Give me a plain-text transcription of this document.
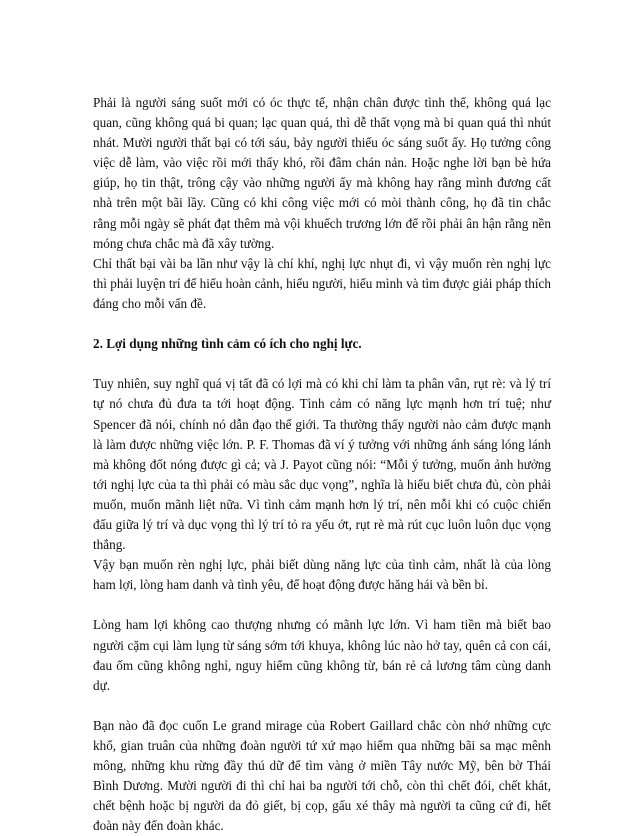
Phải là người sáng suốt mới có óc thực tế, nhận chân được tình thế, không quá lạc quan, cũng không quá bi quan; lạc quan quá, thì dễ thất vọng mà bi quan quá thì nhút nhát. Mười người thất bại có tới sáu, bảy người thiếu óc sáng suốt ấy. Họ tưởng công việc dễ làm, vào việc rồi mới thấy khó, rồi đâm chán nản. Hoặc nghe lời bạn bè hứa giúp, họ tin thật, trông cậy vào những người ấy mà không hay rằng mình đương cất nhà trên một bãi lầy. Cũng có khi công việc mới có mòi thành công, họ đã tin chắc rằng mỗi ngày sẽ phát đạt thêm mà vội khuếch trương lớn để rồi phải ân hận rằng nền móng chưa chắc mà đã xây tường.

Chỉ thất bại vài ba lần như vậy là chí khí, nghị lực nhụt đi, vì vậy muốn rèn nghị lực thì phải luyện trí để hiểu hoàn cảnh, hiểu người, hiểu mình và tìm được giải pháp thích đáng cho mỗi vấn đề.

2. Lợi dụng những tình cảm có ích cho nghị lực.

Tuy nhiên, suy nghĩ quá vị tất đã có lợi mà có khi chỉ làm ta phân vân, rụt rè: và lý trí tự nó chưa đủ đưa ta tới hoạt động. Tình cảm có năng lực mạnh hơn trí tuệ; như Spencer đã nói, chính nó dẫn đạo thế giới. Ta thường thấy người nào cảm được mạnh là làm được những việc lớn. P. F. Thomas đã ví ý tưởng với những ánh sáng lóng lánh mà không đốt nóng được gì cả; và J. Payot cũng nói: “Mỗi ý tưởng, muốn ảnh hưởng tới nghị lực của ta thì phải có màu sắc dục vọng”, nghĩa là hiểu biết chưa đủ, còn phải muốn, muốn mãnh liệt nữa. Vì tình cảm mạnh hơn lý trí, nên mỗi khi có cuộc chiến đấu giữa lý trí và dục vọng thì lý trí tỏ ra yếu ớt, rụt rè mà rút cục luôn luôn dục vọng thắng.

Vậy bạn muốn rèn nghị lực, phải biết dùng năng lực của tình cảm, nhất là của lòng ham lợi, lòng ham danh và tình yêu, để hoạt động được hăng hái và bền bỉ.

Lòng ham lợi không cao thượng nhưng có mãnh lực lớn. Vì ham tiền mà biết bao người cặm cụi làm lụng từ sáng sớm tới khuya, không lúc nào hở tay, quên cả con cái, đau ốm cũng không nghỉ, nguy hiểm cũng không từ, bán rẻ cả lương tâm cùng danh dự.

Bạn nào đã đọc cuốn Le grand mirage của Robert Gaillard chắc còn nhớ những cực khổ, gian truân của những đoàn người tứ xứ mạo hiểm qua những bãi sa mạc mênh mông, những khu rừng đầy thú dữ để tìm vàng ở miền Tây nước Mỹ, bên bờ Thái Bình Dương. Mười người đi thì chỉ hai ba người tới chỗ, còn thì chết đói, chết khát, chết bệnh hoặc bị người da đỏ giết, bị cọp, gấu xé thây mà người ta cũng cứ đi, hết đoàn này đến đoàn khác.
